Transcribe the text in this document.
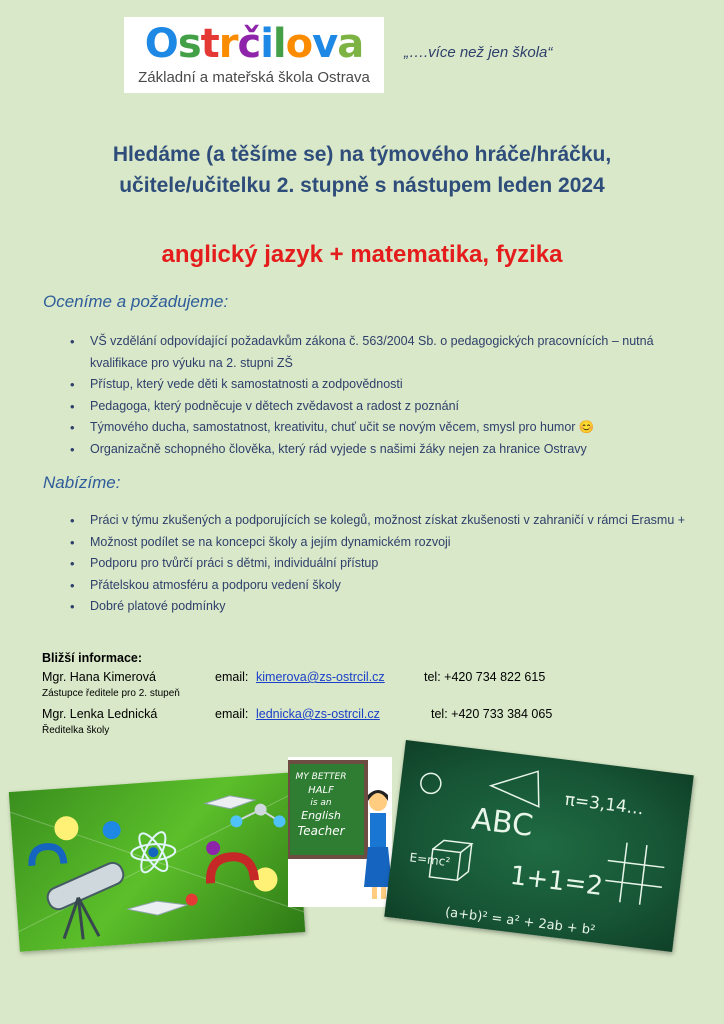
Ostrčilova
Základní a mateřská škola Ostrava
„….více než jen škola“
Hledáme (a těšíme se) na týmového hráče/hráčku,
učitele/učitelku 2. stupně s nástupem leden 2024
anglický jazyk + matematika, fyzika
Oceníme a požadujeme:
• VŠ vzdělání odpovídající požadavkům zákona č. 563/2004 Sb. o pedagogických pracovnících – nutná kvalifikace pro výuku na 2. stupni ZŠ
• Přístup, který vede děti k samostatnosti a zodpovědnosti
• Pedagoga, který podněcuje v dětech zvědavost a radost z poznání
• Týmového ducha, samostatnost, kreativitu, chuť učit se novým věcem, smysl pro humor 😊
• Organizačně schopného člověka, který rád vyjede s našimi žáky nejen za hranice Ostravy
Nabízíme:
• Práci v týmu zkušených a podporujících se kolegů, možnost získat zkušenosti v zahraničí v rámci Erasmu +
• Možnost podílet se na koncepci školy a jejím dynamickém rozvoji
• Podporu pro tvůrčí práci s dětmi, individuální přístup
• Přátelskou atmosféru a podporu vedení školy
• Dobré platové podmínky
Bližší informace:
Mgr. Hana Kimerová	email: kimerova@zs-ostrcil.cz	tel: +420 734 822 615
Zástupce ředitele pro 2. stupeň
Mgr. Lenka Lednická	email: lednicka@zs-ostrcil.cz	tel: +420 733 384 065
Ředitelka školy
MY BETTER
HALF
is an
English
Teacher	ABC π=3,14…
1+1=2
(a+b)² = a² + 2ab + b²
E=mc²
